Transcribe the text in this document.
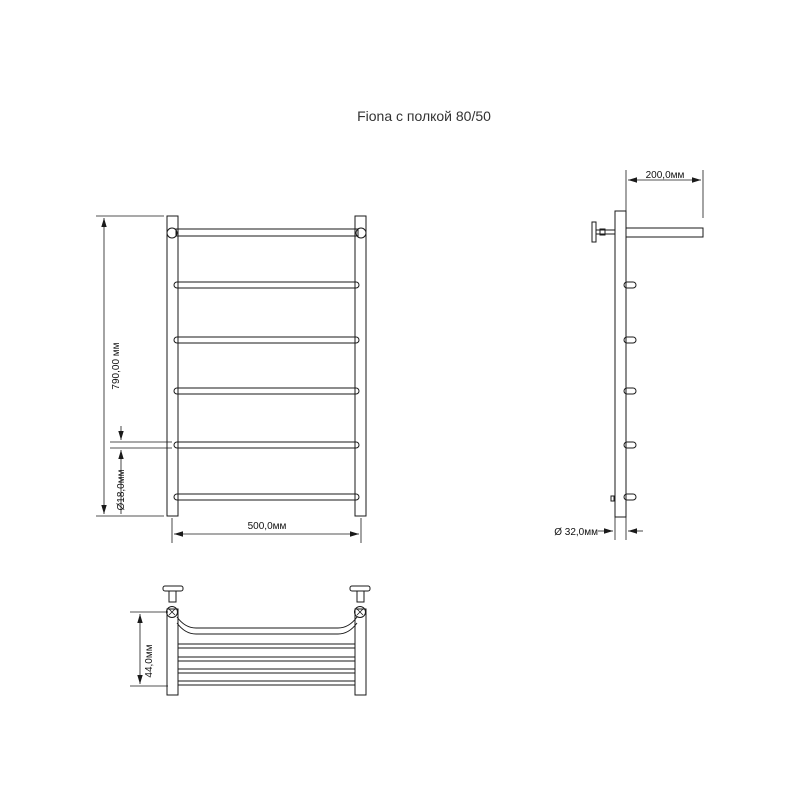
Fiona с полкой 80/50
790,00 мм
Ø18,0мм
500,0мм
200,0мм
Ø 32,0мм
44,0мм
